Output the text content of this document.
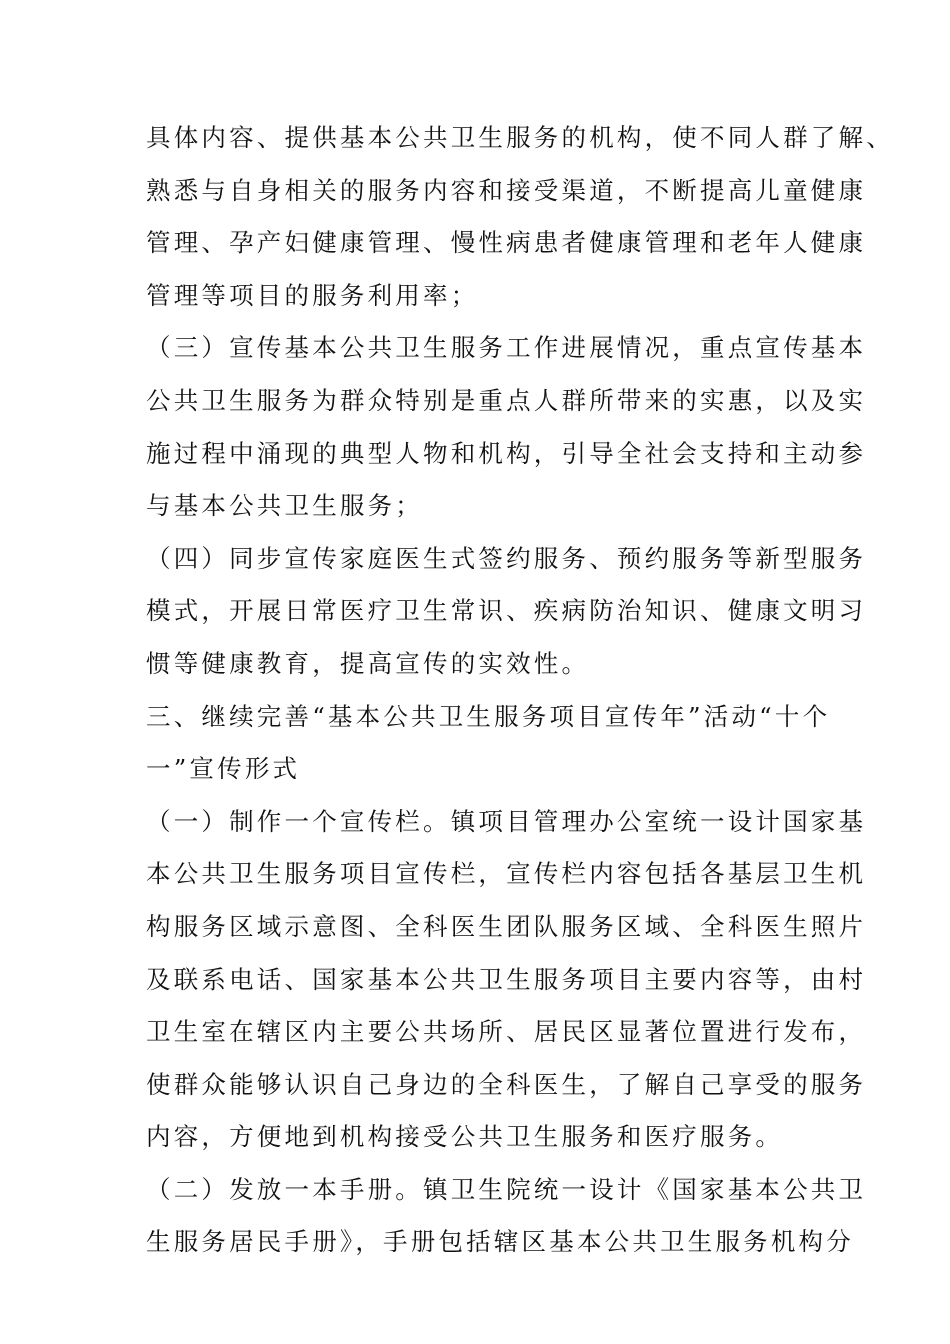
具体内容、提供基本公共卫生服务的机构，使不同人群了解、
熟悉与自身相关的服务内容和接受渠道，不断提高儿童健康
管理、孕产妇健康管理、慢性病患者健康管理和老年人健康
管理等项目的服务利用率；
（三）宣传基本公共卫生服务工作进展情况，重点宣传基本
公共卫生服务为群众特别是重点人群所带来的实惠，以及实
施过程中涌现的典型人物和机构，引导全社会支持和主动参
与基本公共卫生服务；
（四）同步宣传家庭医生式签约服务、预约服务等新型服务
模式，开展日常医疗卫生常识、疾病防治知识、健康文明习
惯等健康教育，提高宣传的实效性。
三、继续完善“基本公共卫生服务项目宣传年”活动“十个
一”宣传形式
（一）制作一个宣传栏。镇项目管理办公室统一设计国家基
本公共卫生服务项目宣传栏，宣传栏内容包括各基层卫生机
构服务区域示意图、全科医生团队服务区域、全科医生照片
及联系电话、国家基本公共卫生服务项目主要内容等，由村
卫生室在辖区内主要公共场所、居民区显著位置进行发布，
使群众能够认识自己身边的全科医生，了解自己享受的服务
内容，方便地到机构接受公共卫生服务和医疗服务。
（二）发放一本手册。镇卫生院统一设计《国家基本公共卫
生服务居民手册》，手册包括辖区基本公共卫生服务机构分
